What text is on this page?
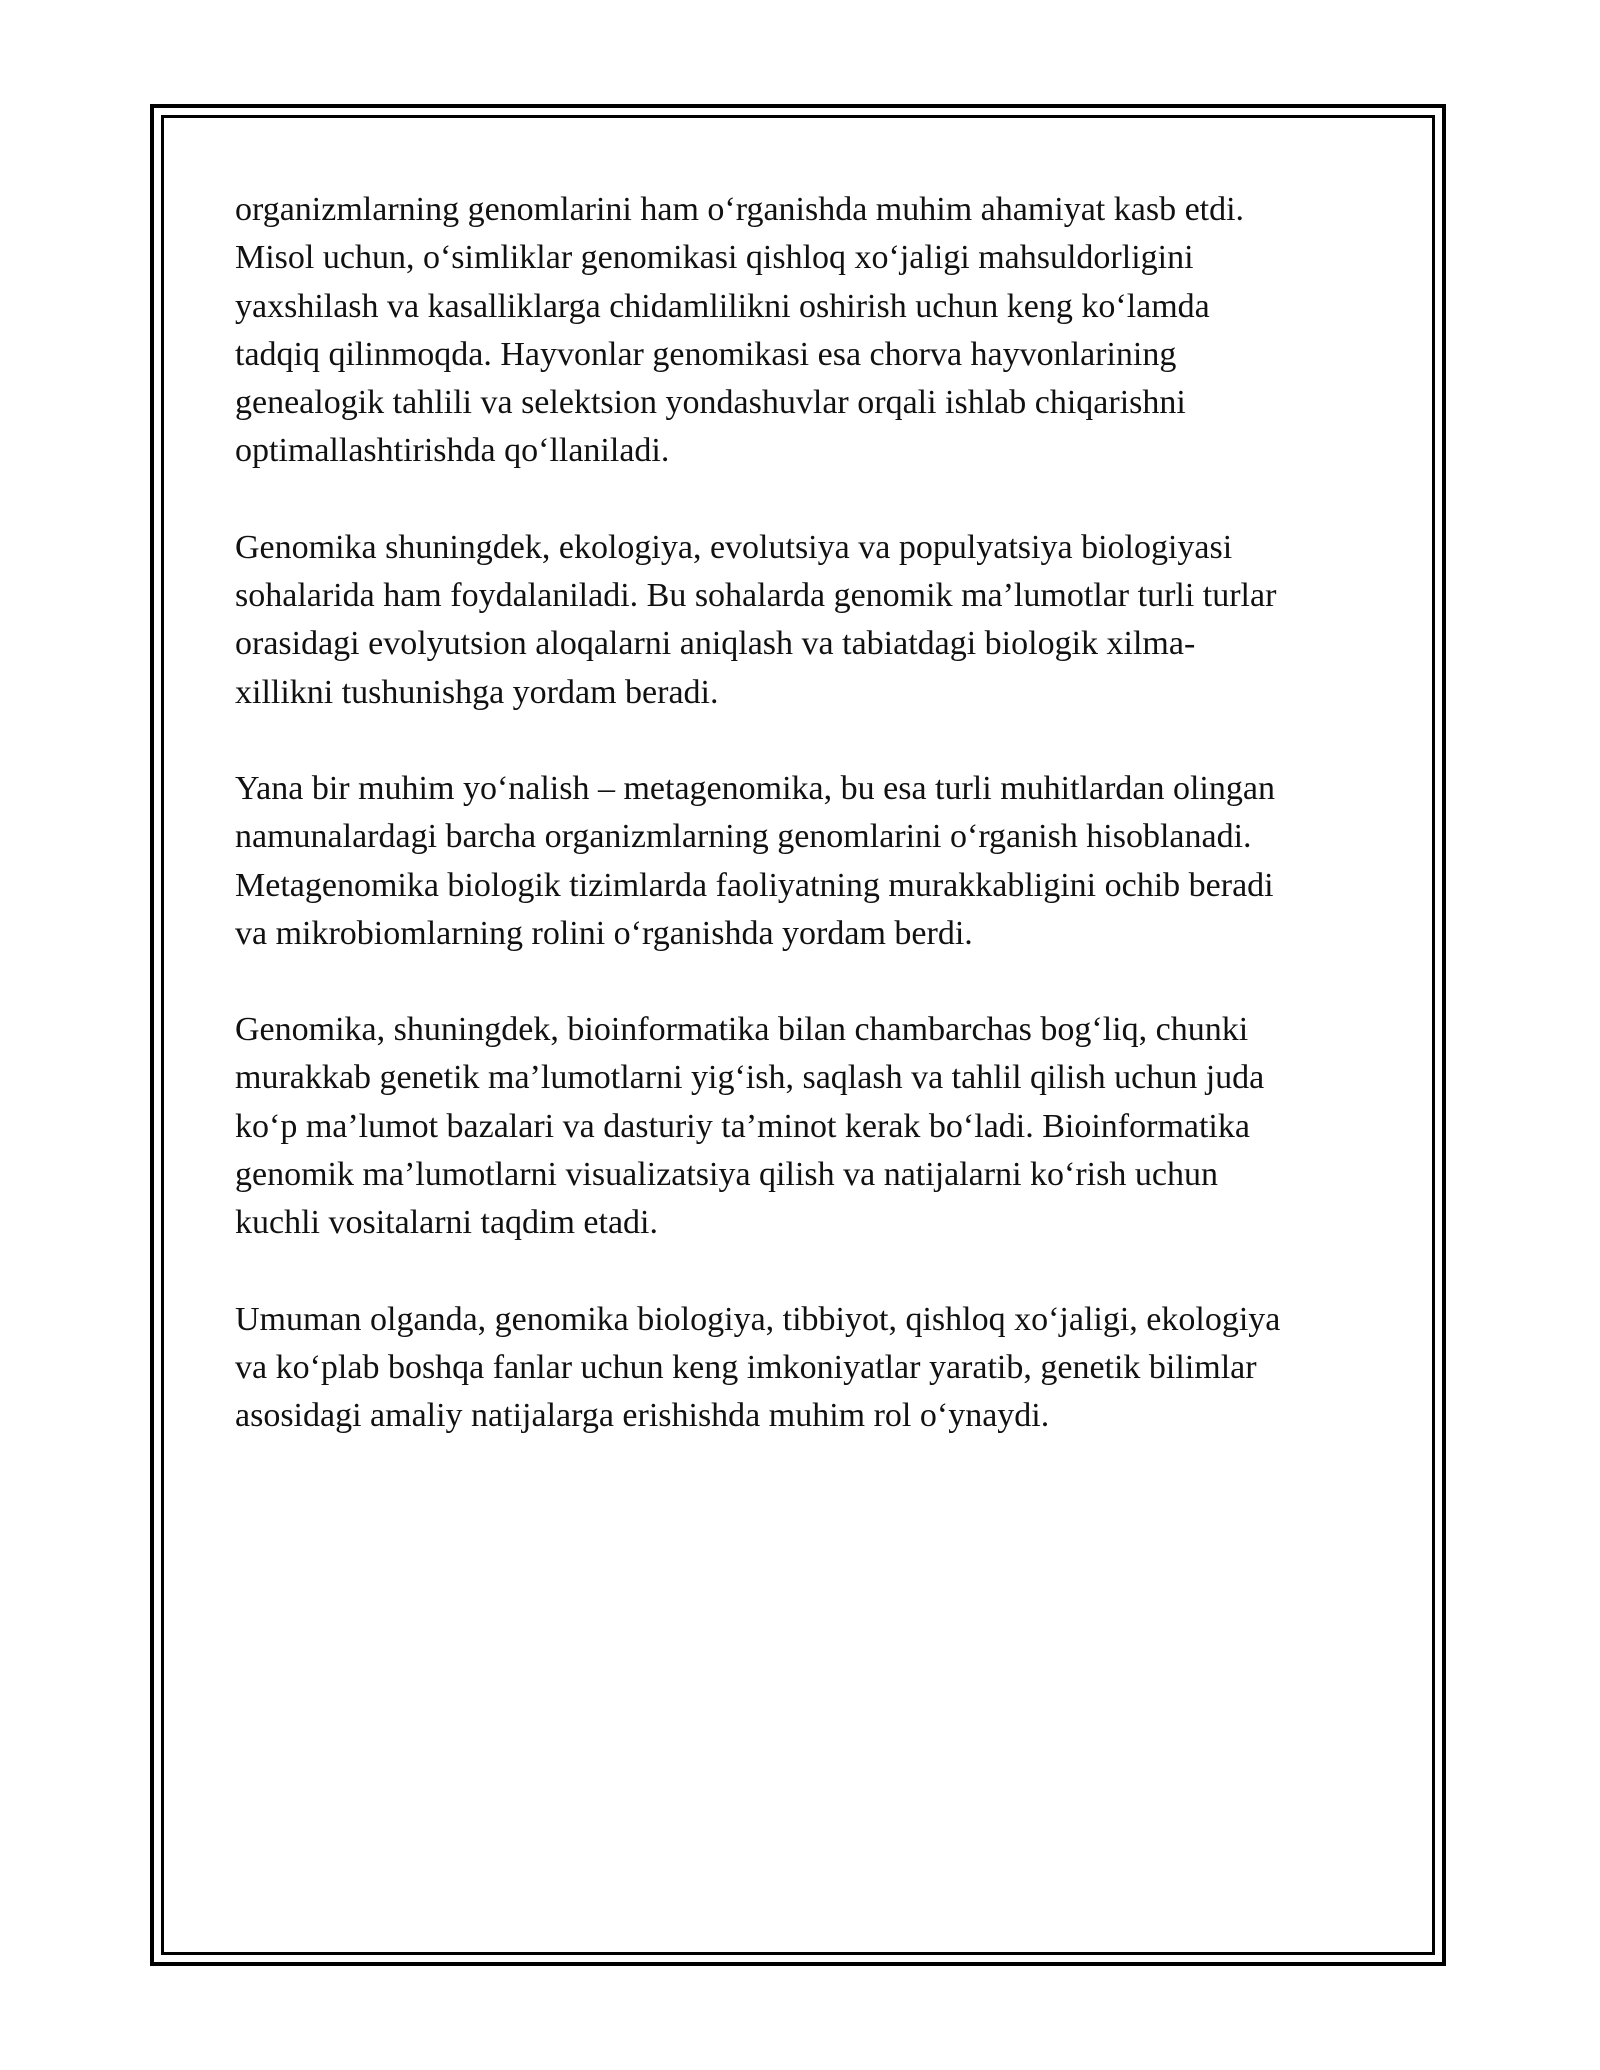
organizmlarning genomlarini ham o‘rganishda muhim ahamiyat kasb etdi.
Misol uchun, o‘simliklar genomikasi qishloq xo‘jaligi mahsuldorligini
yaxshilash va kasalliklarga chidamlilikni oshirish uchun keng ko‘lamda
tadqiq qilinmoqda. Hayvonlar genomikasi esa chorva hayvonlarining
genealogik tahlili va selektsion yondashuvlar orqali ishlab chiqarishni
optimallashtirishda qo‘llaniladi.

Genomika shuningdek, ekologiya, evolutsiya va populyatsiya biologiyasi
sohalarida ham foydalaniladi. Bu sohalarda genomik ma’lumotlar turli turlar
orasidagi evolyutsion aloqalarni aniqlash va tabiatdagi biologik xilma-
xillikni tushunishga yordam beradi.

Yana bir muhim yo‘nalish – metagenomika, bu esa turli muhitlardan olingan
namunalardagi barcha organizmlarning genomlarini o‘rganish hisoblanadi.
Metagenomika biologik tizimlarda faoliyatning murakkabligini ochib beradi
va mikrobiomlarning rolini o‘rganishda yordam berdi.

Genomika, shuningdek, bioinformatika bilan chambarchas bog‘liq, chunki
murakkab genetik ma’lumotlarni yig‘ish, saqlash va tahlil qilish uchun juda
ko‘p ma’lumot bazalari va dasturiy ta’minot kerak bo‘ladi. Bioinformatika
genomik ma’lumotlarni visualizatsiya qilish va natijalarni ko‘rish uchun
kuchli vositalarni taqdim etadi.

Umuman olganda, genomika biologiya, tibbiyot, qishloq xo‘jaligi, ekologiya
va ko‘plab boshqa fanlar uchun keng imkoniyatlar yaratib, genetik bilimlar
asosidagi amaliy natijalarga erishishda muhim rol o‘ynaydi.
